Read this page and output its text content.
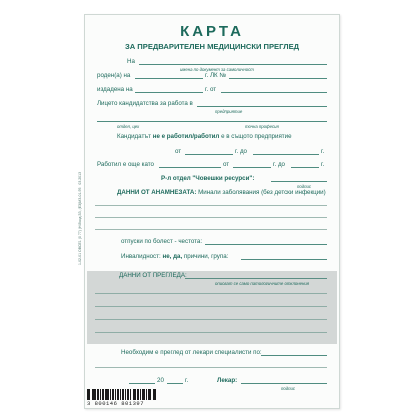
КАРТА
ЗА ПРЕДВАРИТЕЛЕН МЕДИЦИНСКИ ПРЕГЛЕД
На
имена по документ за самоличност
роден(а) на	г. ЛК №
издадена на	г. от
Лицето кандидатства за работа в
предприятие
отдел, цех	точна професия
Кандидатът не е работил/работил е в същото предприятие
от	г. до	г.
Работил е още като	от	г. до	г.
Р-л отдел "Човешки ресурси":
подпис
ДАННИ ОТ АНАМНЕЗАТА: Минали заболявания (без детски инфекции)
отпуски по болест - честота:
Инвалидност: не, да, причини, група:
ДАННИ ОТ ПРЕГЛЕДА:
описват се само патологичните отклонения
Необходим е преглед от лекари специалисти по:
20	г.	Лекар:
подпис
1-02-01 ОВСЕ1 (0 77) (Н.Вход.ЗЗ, (ЕЗ)МЗ-01-95   03.2013
3 800146 801397
